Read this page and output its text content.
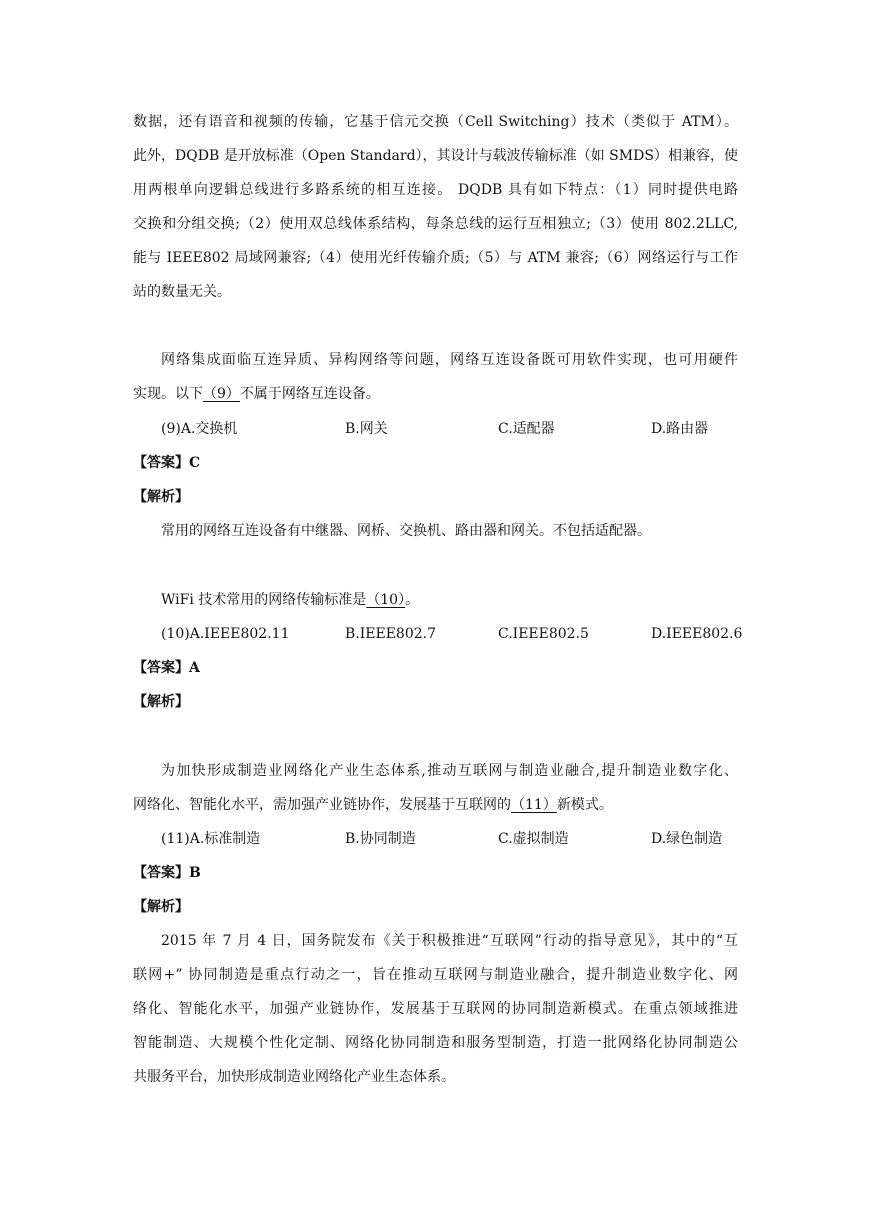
数据，还有语音和视频的传输，它基于信元交换（Cell Switching）技术（类似于 ATM）。
此外，DQDB 是开放标准（Open Standard），其设计与载波传输标准（如 SMDS）相兼容，使
用两根单向逻辑总线进行多路系统的相互连接。 DQDB 具有如下特点：（1）同时提供电路
交换和分组交换;（2）使用双总线体系结构，每条总线的运行互相独立;（3）使用 802.2LLC,
能与 IEEE802 局域网兼容;（4）使用光纤传输介质;（5）与 ATM 兼容;（6）网络运行与工作
站的数量无关。
网络集成面临互连异质、异构网络等问题，网络互连设备既可用软件实现，也可用硬件
实现。以下（9）不属于网络互连设备。
(9)A.交换机	B.网关	C.适配器	D.路由器
【答案】C
【解析】
常用的网络互连设备有中继器、网桥、交换机、路由器和网关。不包括适配器。
WiFi 技术常用的网络传输标准是（10）。
(10)A.IEEE802.11	B.IEEE802.7	C.IEEE802.5	D.IEEE802.6
【答案】A
【解析】
为加快形成制造业网络化产业生态体系,推动互联网与制造业融合,提升制造业数字化、
网络化、智能化水平，需加强产业链协作，发展基于互联网的（11）新模式。
(11)A.标准制造	B.协同制造	C.虚拟制造	D.绿色制造
【答案】B
【解析】
2015 年 7 月 4 日，国务院发布《关于积极推进“互联网”行动的指导意见》，其中的“互
联网+” 协同制造是重点行动之一，旨在推动互联网与制造业融合，提升制造业数字化、网
络化、智能化水平，加强产业链协作，发展基于互联网的协同制造新模式。在重点领域推进
智能制造、大规模个性化定制、网络化协同制造和服务型制造，打造一批网络化协同制造公
共服务平台，加快形成制造业网络化产业生态体系。
